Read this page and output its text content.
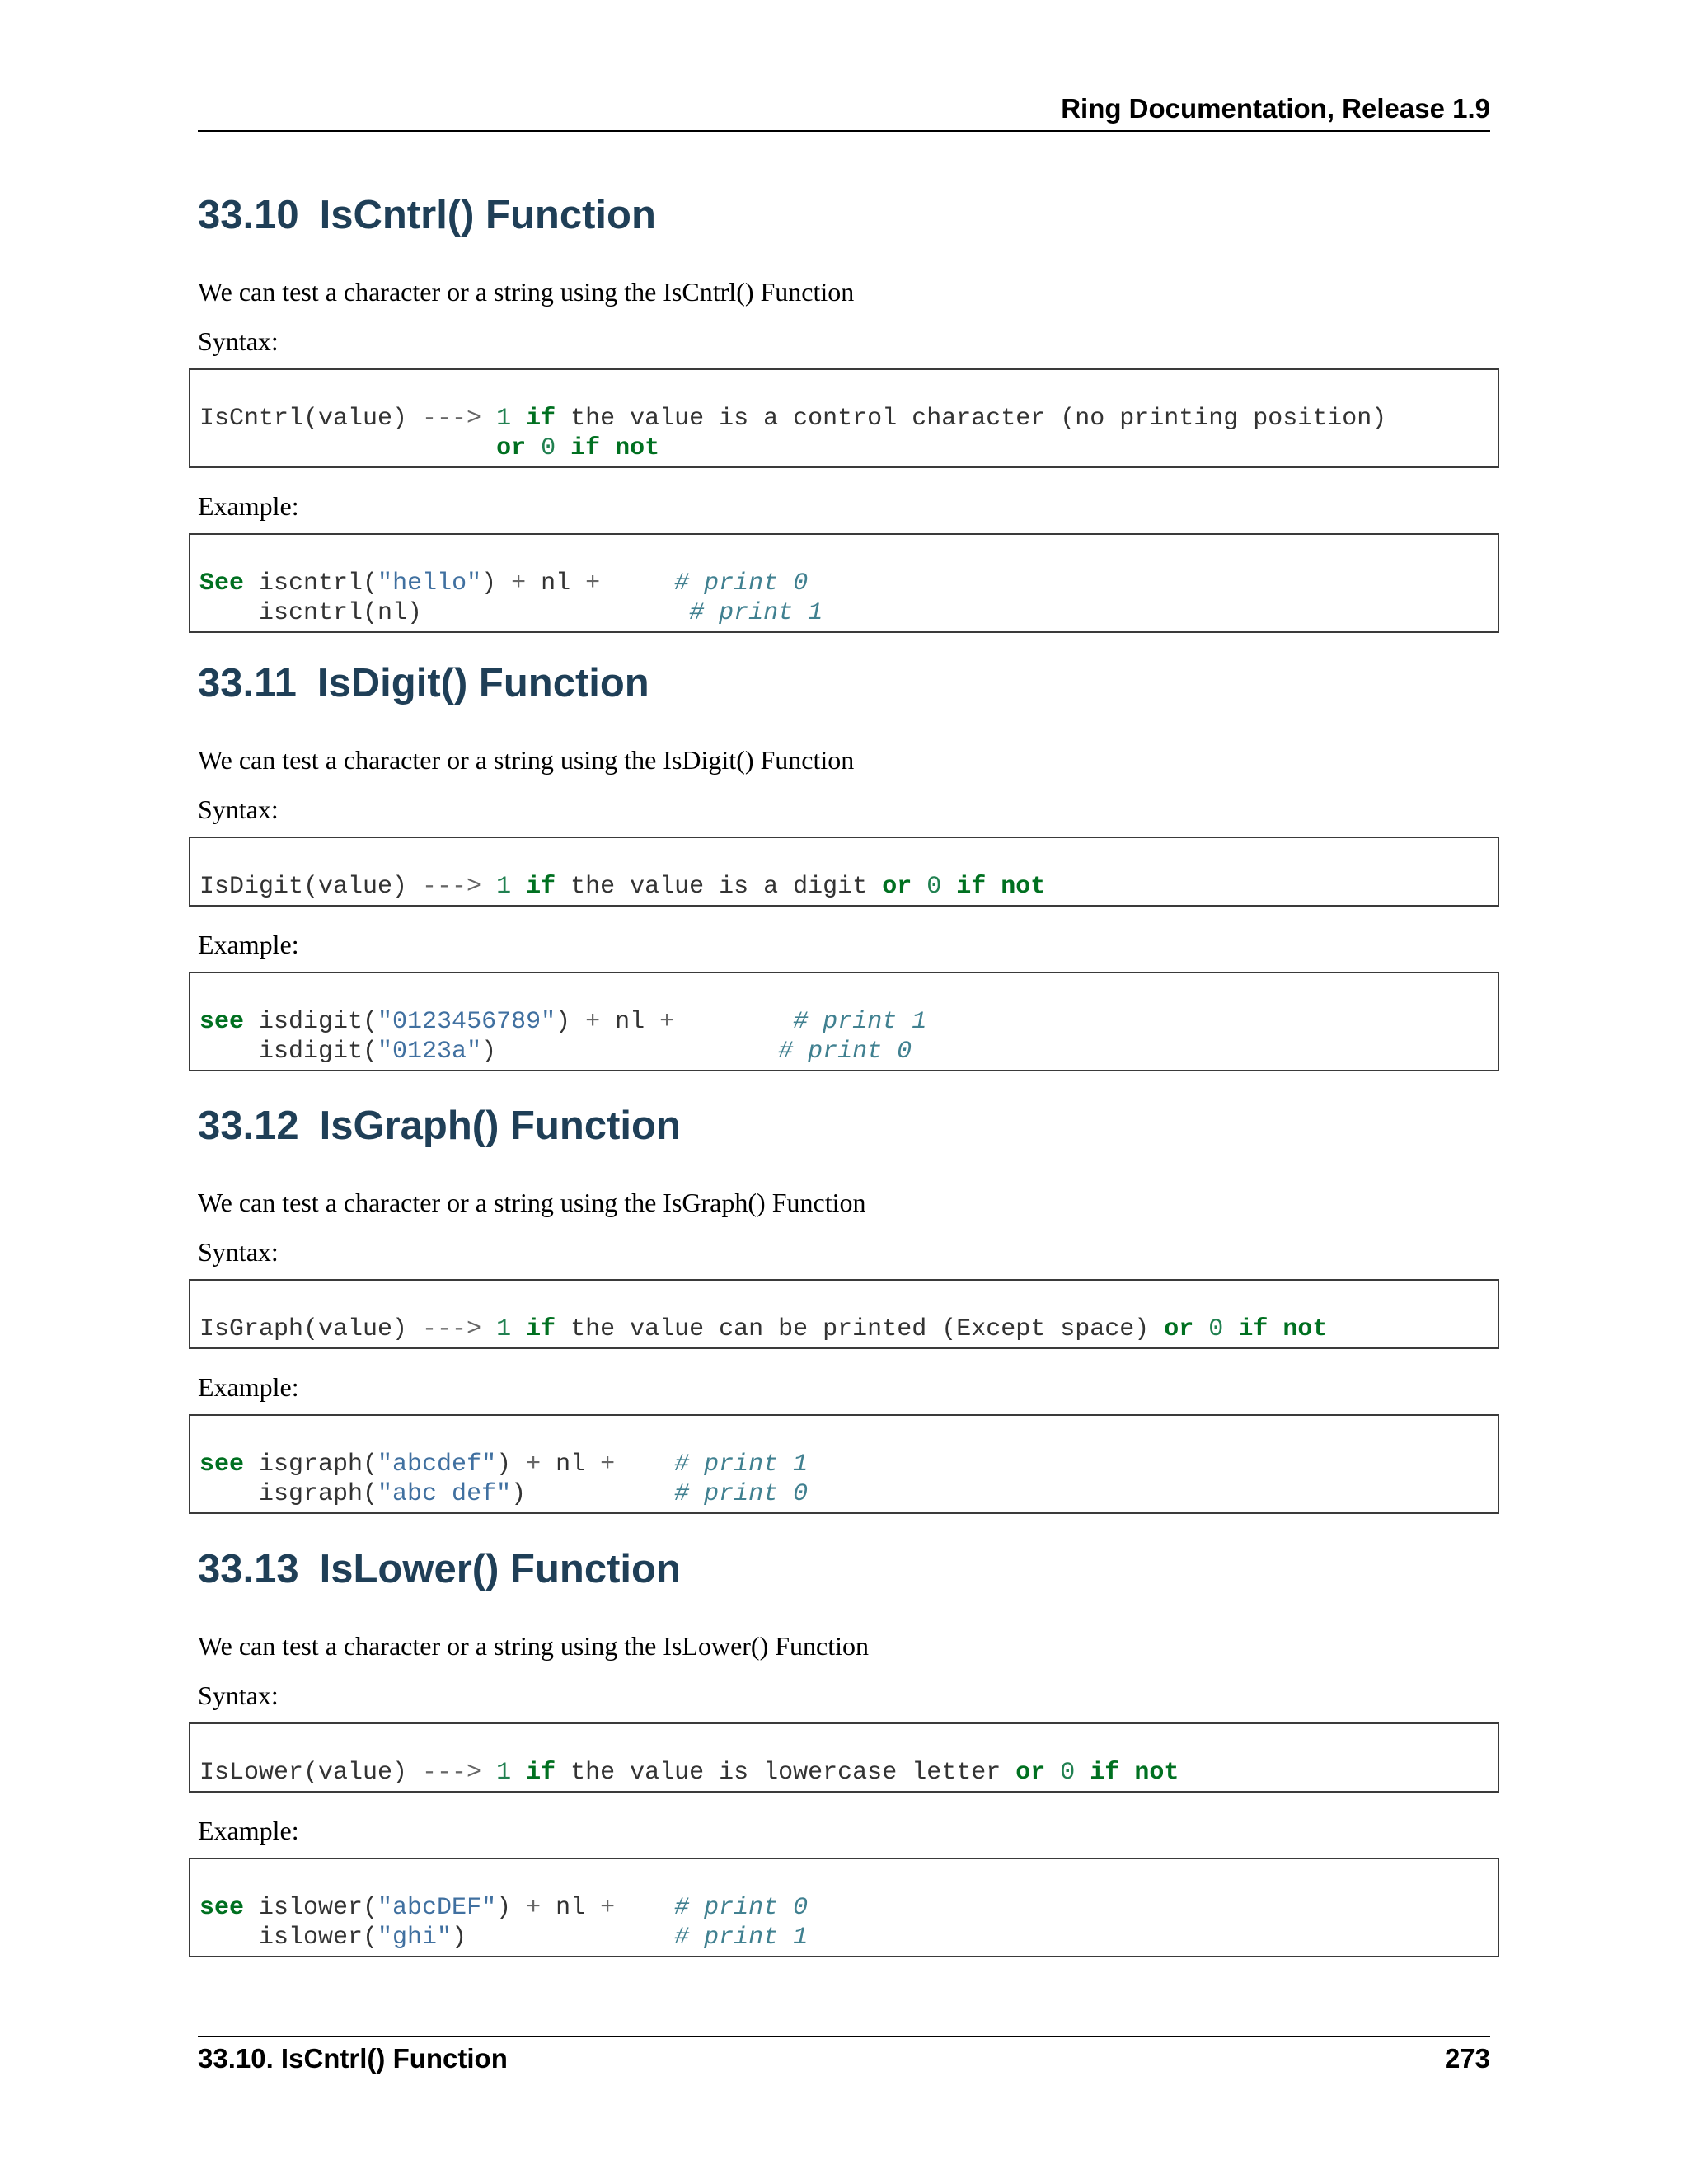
Ring Documentation, Release 1.9
33.10 IsCntrl() Function

We can test a character or a string using the IsCntrl() Function

Syntax:

IsCntrl(value) ---> 1 if the value is a control character (no printing position)
or 0 if not

Example:

See iscntrl("hello") + nl +	# print 0
iscntrl(nl)	# print 1
33.11 IsDigit() Function

We can test a character or a string using the IsDigit() Function

Syntax:

IsDigit(value) ---> 1 if the value is a digit or 0 if not

Example:

see isdigit("0123456789") + nl +	# print 1
isdigit("0123a")	# print 0
33.12 IsGraph() Function

We can test a character or a string using the IsGraph() Function

Syntax:

IsGraph(value) ---> 1 if the value can be printed (Except space) or 0 if not

Example:

see isgraph("abcdef") + nl + # print 1
isgraph("abc def")	# print 0
33.13 IsLower() Function

We can test a character or a string using the IsLower() Function

Syntax:

IsLower(value) ---> 1 if the value is lowercase letter or 0 if not

Example:

see islower("abcDEF") + nl + # print 0
islower("ghi")	# print 1
33.10. IsCntrl() Function	273
